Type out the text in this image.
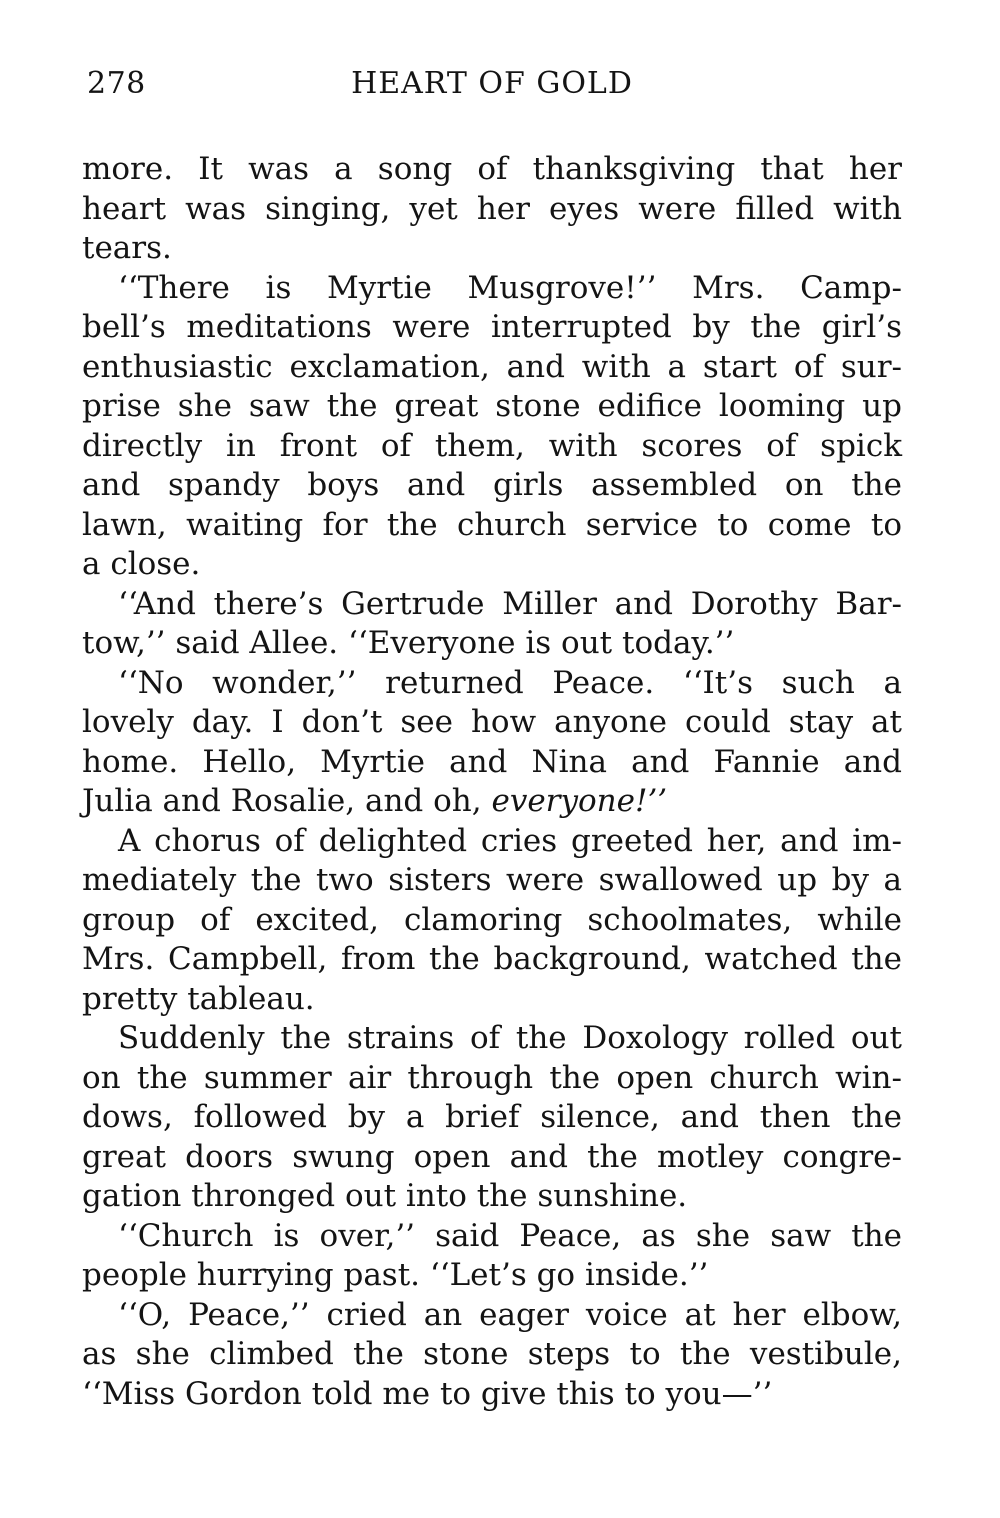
278	HEART OF GOLD
more. It was a song of thanksgiving that her
heart was singing, yet her eyes were filled with
tears.
‘‘There is Myrtie Musgrove!’’ Mrs. Camp-
bell’s meditations were interrupted by the girl’s
enthusiastic exclamation, and with a start of sur-
prise she saw the great stone edifice looming up
directly in front of them, with scores of spick
and spandy boys and girls assembled on the
lawn, waiting for the church service to come to
a close.
‘‘And there’s Gertrude Miller and Dorothy Bar-
tow,’’ said Allee. ‘‘Everyone is out today.’’
‘‘No wonder,’’ returned Peace. ‘‘It’s such a
lovely day. I don’t see how anyone could stay at
home. Hello, Myrtie and Nina and Fannie and
Julia and Rosalie, and oh, everyone!’’
A chorus of delighted cries greeted her, and im-
mediately the two sisters were swallowed up by a
group of excited, clamoring schoolmates, while
Mrs. Campbell, from the background, watched the
pretty tableau.
Suddenly the strains of the Doxology rolled out
on the summer air through the open church win-
dows, followed by a brief silence, and then the
great doors swung open and the motley congre-
gation thronged out into the sunshine.
‘‘Church is over,’’ said Peace, as she saw the
people hurrying past. ‘‘Let’s go inside.’’
‘‘O, Peace,’’ cried an eager voice at her elbow,
as she climbed the stone steps to the vestibule,
‘‘Miss Gordon told me to give this to you—’’
